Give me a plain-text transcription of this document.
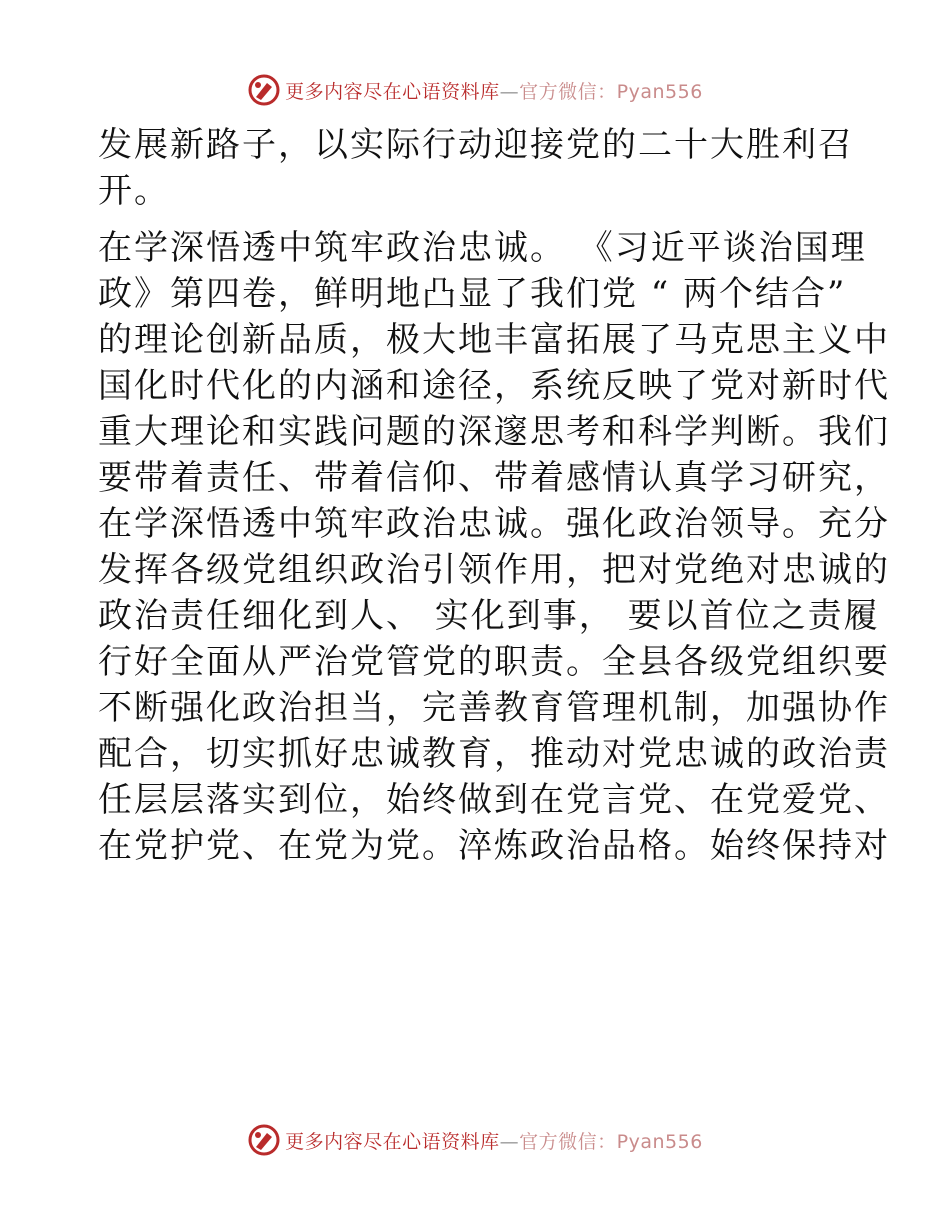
更多内容尽在心语资料库—官方微信：Pyan556
发展新路子，以实际行动迎接党的二十大胜利召
开。
在学深悟透中筑牢政治忠诚。 《习近平谈治国理
政》第四卷，鲜明地凸显了我们党 “ 两个结合”
的理论创新品质，极大地丰富拓展了马克思主义中
国化时代化的内涵和途径，系统反映了党对新时代
重大理论和实践问题的深邃思考和科学判断。我们
要带着责任、带着信仰、带着感情认真学习研究，
在学深悟透中筑牢政治忠诚。强化政治领导。充分
发挥各级党组织政治引领作用，把对党绝对忠诚的
政治责任细化到人、 实化到事， 要以首位之责履
行好全面从严治党管党的职责。全县各级党组织要
不断强化政治担当，完善教育管理机制，加强协作
配合，切实抓好忠诚教育，推动对党忠诚的政治责
任层层落实到位，始终做到在党言党、在党爱党、
在党护党、在党为党。淬炼政治品格。始终保持对
更多内容尽在心语资料库—官方微信：Pyan556
